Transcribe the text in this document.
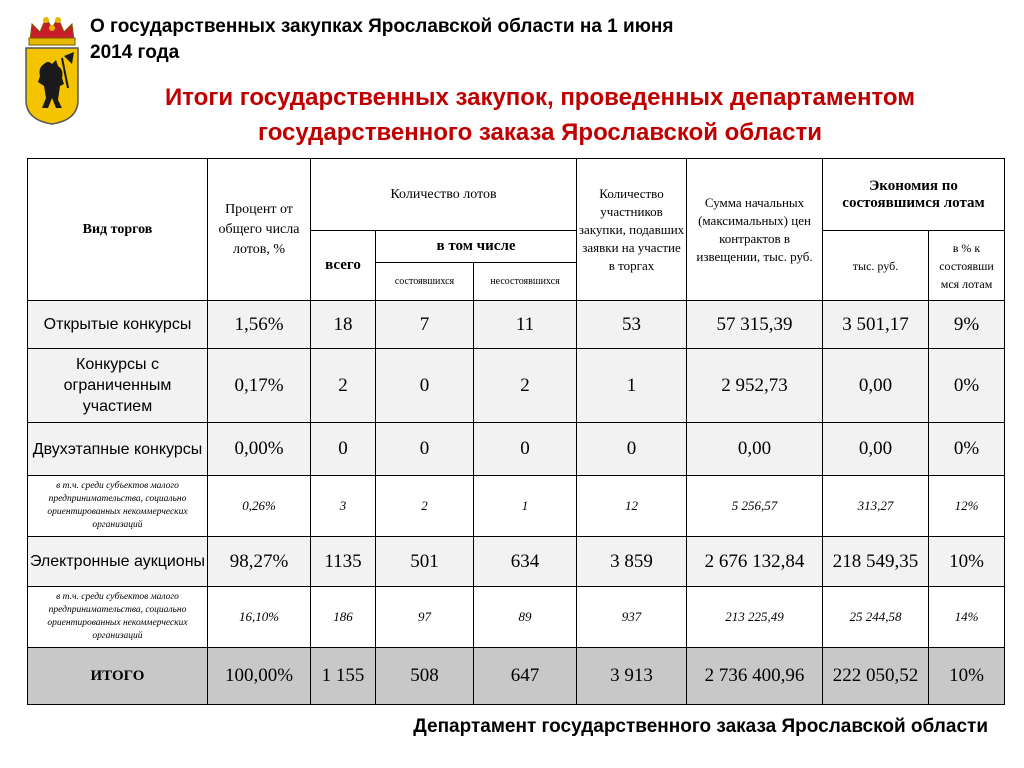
О государственных закупках Ярославской области на 1 июня 2014 года
Итоги государственных закупок, проведенных департаментом государственного заказа Ярославской области
Вид торгов	Процент от общего числа лотов, %	Количество лотов			Количество участников закупки, подавших заявки на участие в торгах	Сумма начальных (максимальных) цен контрактов в извещении, тыс. руб.	Экономия по состоявшимся лотам	
		всего	в том числе				тыс. руб.	в % к состоявши мся лотам
			состоявшихся	несостоявшихся				
Открытые конкурсы	1,56%	18	7	11	53	57 315,39	3 501,17	9%
Конкурсы с ограниченным участием	0,17%	2	0	2	1	2 952,73	0,00	0%
Двухэтапные конкурсы	0,00%	0	0	0	0	0,00	0,00	0%
в т.ч. среди субъектов малого предпринимательства, социально ориентированных некоммерческих организаций	0,26%	3	2	1	12	5 256,57	313,27	12%
Электронные аукционы	98,27%	1135	501	634	3 859	2 676 132,84	218 549,35	10%
в т.ч. среди субъектов малого предпринимательства, социально ориентированных некоммерческих организаций	16,10%	186	97	89	937	213 225,49	25 244,58	14%
ИТОГО	100,00%	1 155	508	647	3 913	2 736 400,96	222 050,52	10%
Департамент государственного заказа Ярославской области
